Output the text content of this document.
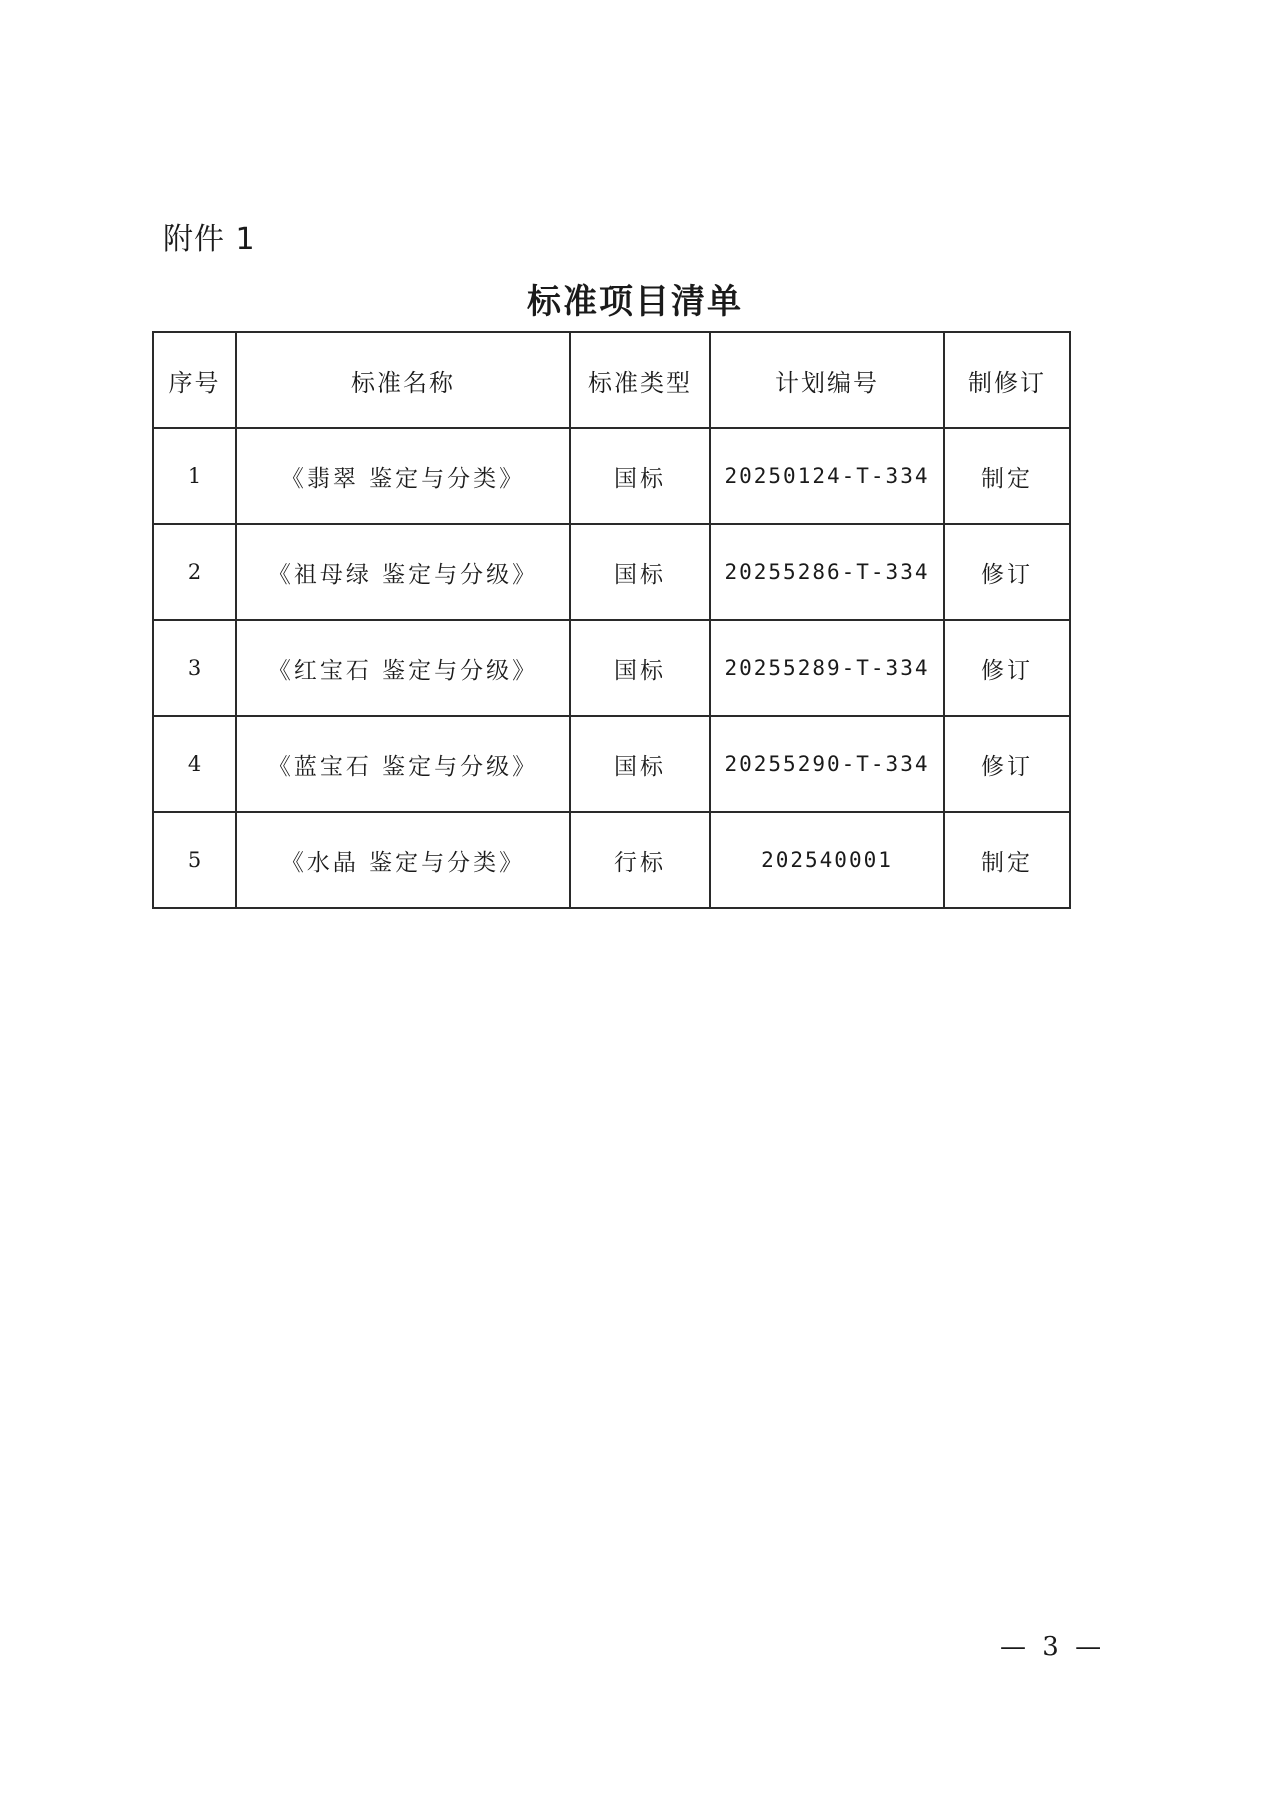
附件 1
标准项目清单
序号	标准名称	标准类型	计划编号	制修订
1	《翡翠 鉴定与分类》	国标	20250124-T-334	制定
2	《祖母绿 鉴定与分级》	国标	20255286-T-334	修订
3	《红宝石 鉴定与分级》	国标	20255289-T-334	修订
4	《蓝宝石 鉴定与分级》	国标	20255290-T-334	修订
5	《水晶 鉴定与分类》	行标	202540001	制定
— 3 —
